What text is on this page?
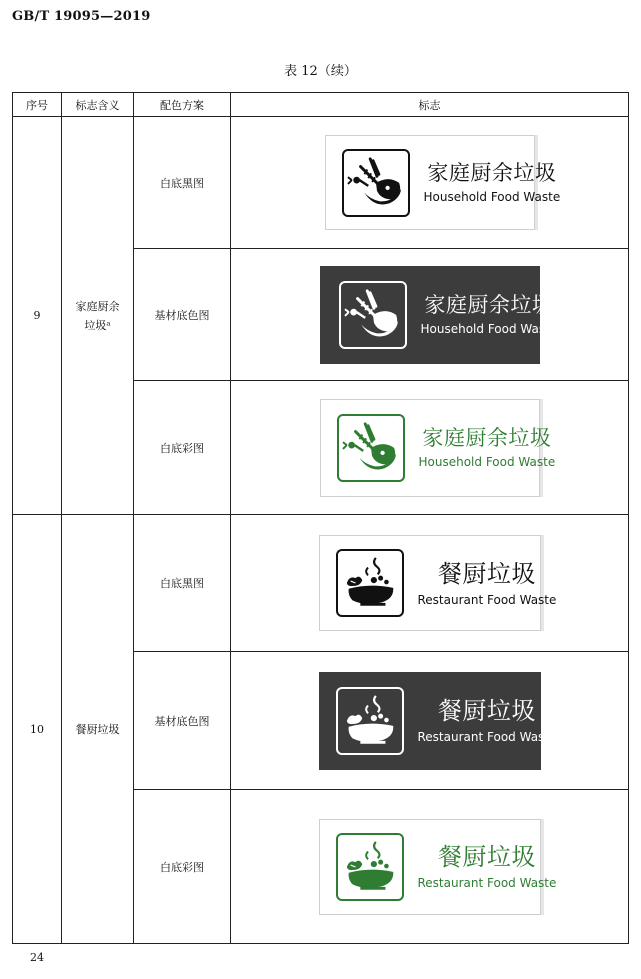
GB/T 19095—2019
表 12（续）
序号	标志含义	配色方案	标志
9	家庭厨余
垃圾ᵃ	白底黑图	家庭厨余垃圾
Household Food Waste

		基材底色图	家庭厨余垃圾
Household Food Waste

		白底彩图	家庭厨余垃圾
Household Food Waste

10	餐厨垃圾	白底黑图	餐厨垃圾
Restaurant Food Waste

		基材底色图	餐厨垃圾
Restaurant Food Waste

		白底彩图	餐厨垃圾
Restaurant Food Waste
24
